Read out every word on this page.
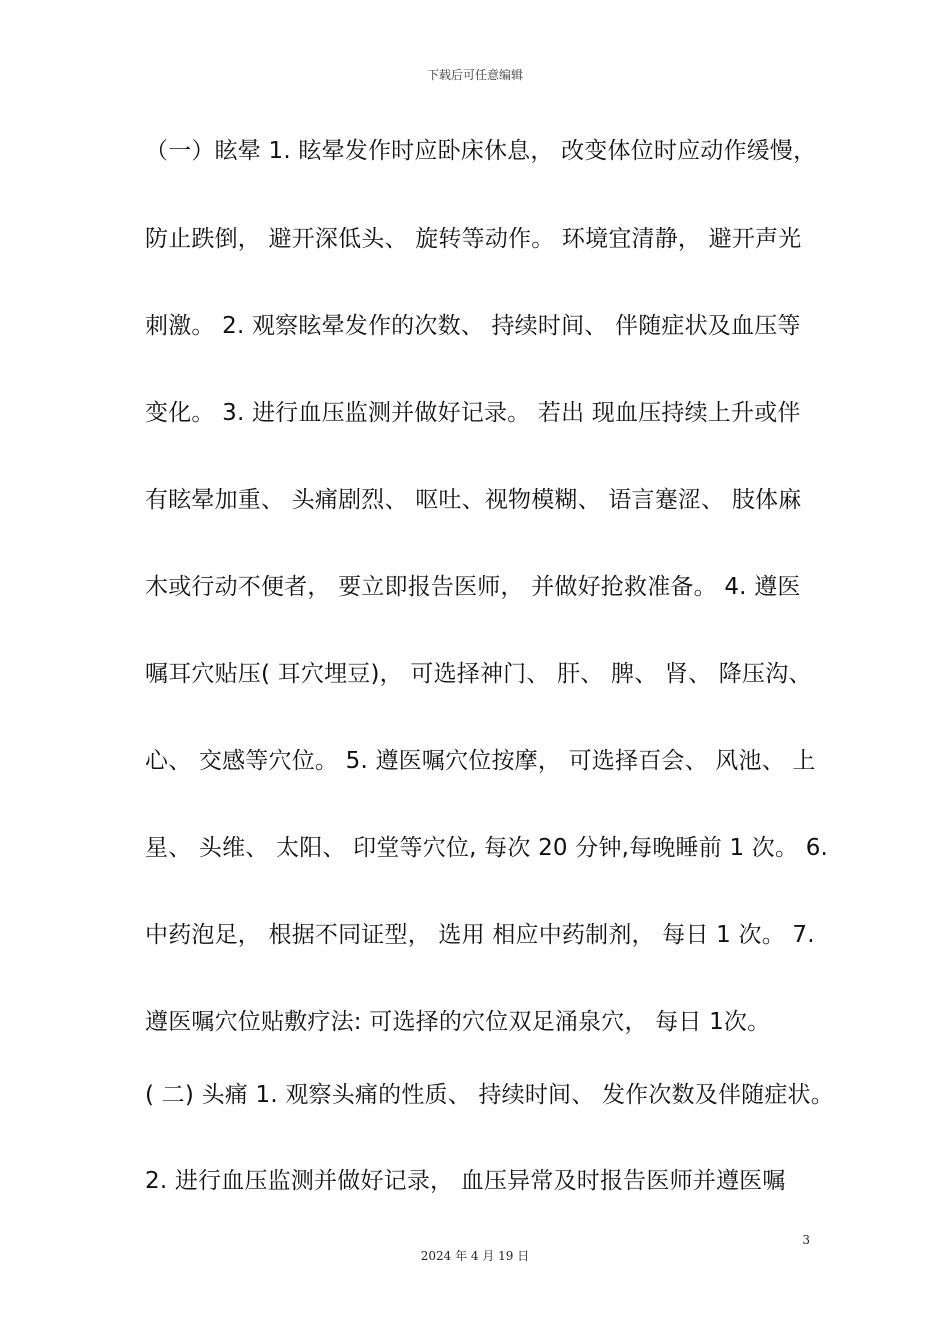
下载后可任意编辑
（一）眩晕 1. 眩晕发作时应卧床休息， 改变体位时应动作缓慢，
防止跌倒， 避开深低头、 旋转等动作。 环境宜清静， 避开声光
刺激。 2. 观察眩晕发作的次数、 持续时间、 伴随症状及血压等
变化。 3. 进行血压监测并做好记录。 若出 现血压持续上升或伴
有眩晕加重、 头痛剧烈、 呕吐、视物模糊、 语言蹇涩、 肢体麻
木或行动不便者， 要立即报告医师， 并做好抢救准备。 4. 遵医
嘱耳穴贴压( 耳穴埋豆)， 可选择神门、 肝、 脾、 肾、 降压沟、
心、 交感等穴位。 5. 遵医嘱穴位按摩， 可选择百会、 风池、 上
星、 头维、 太阳、 印堂等穴位, 每次 20 分钟,每晚睡前 1 次。 6.
中药泡足， 根据不同证型， 选用 相应中药制剂， 每日 1 次。 7.
遵医嘱穴位贴敷疗法: 可选择的穴位双足涌泉穴， 每日 1次。
( 二) 头痛 1. 观察头痛的性质、 持续时间、 发作次数及伴随症状。
2. 进行血压监测并做好记录， 血压异常及时报告医师并遵医嘱
3
2024 年 4 月 19 日
